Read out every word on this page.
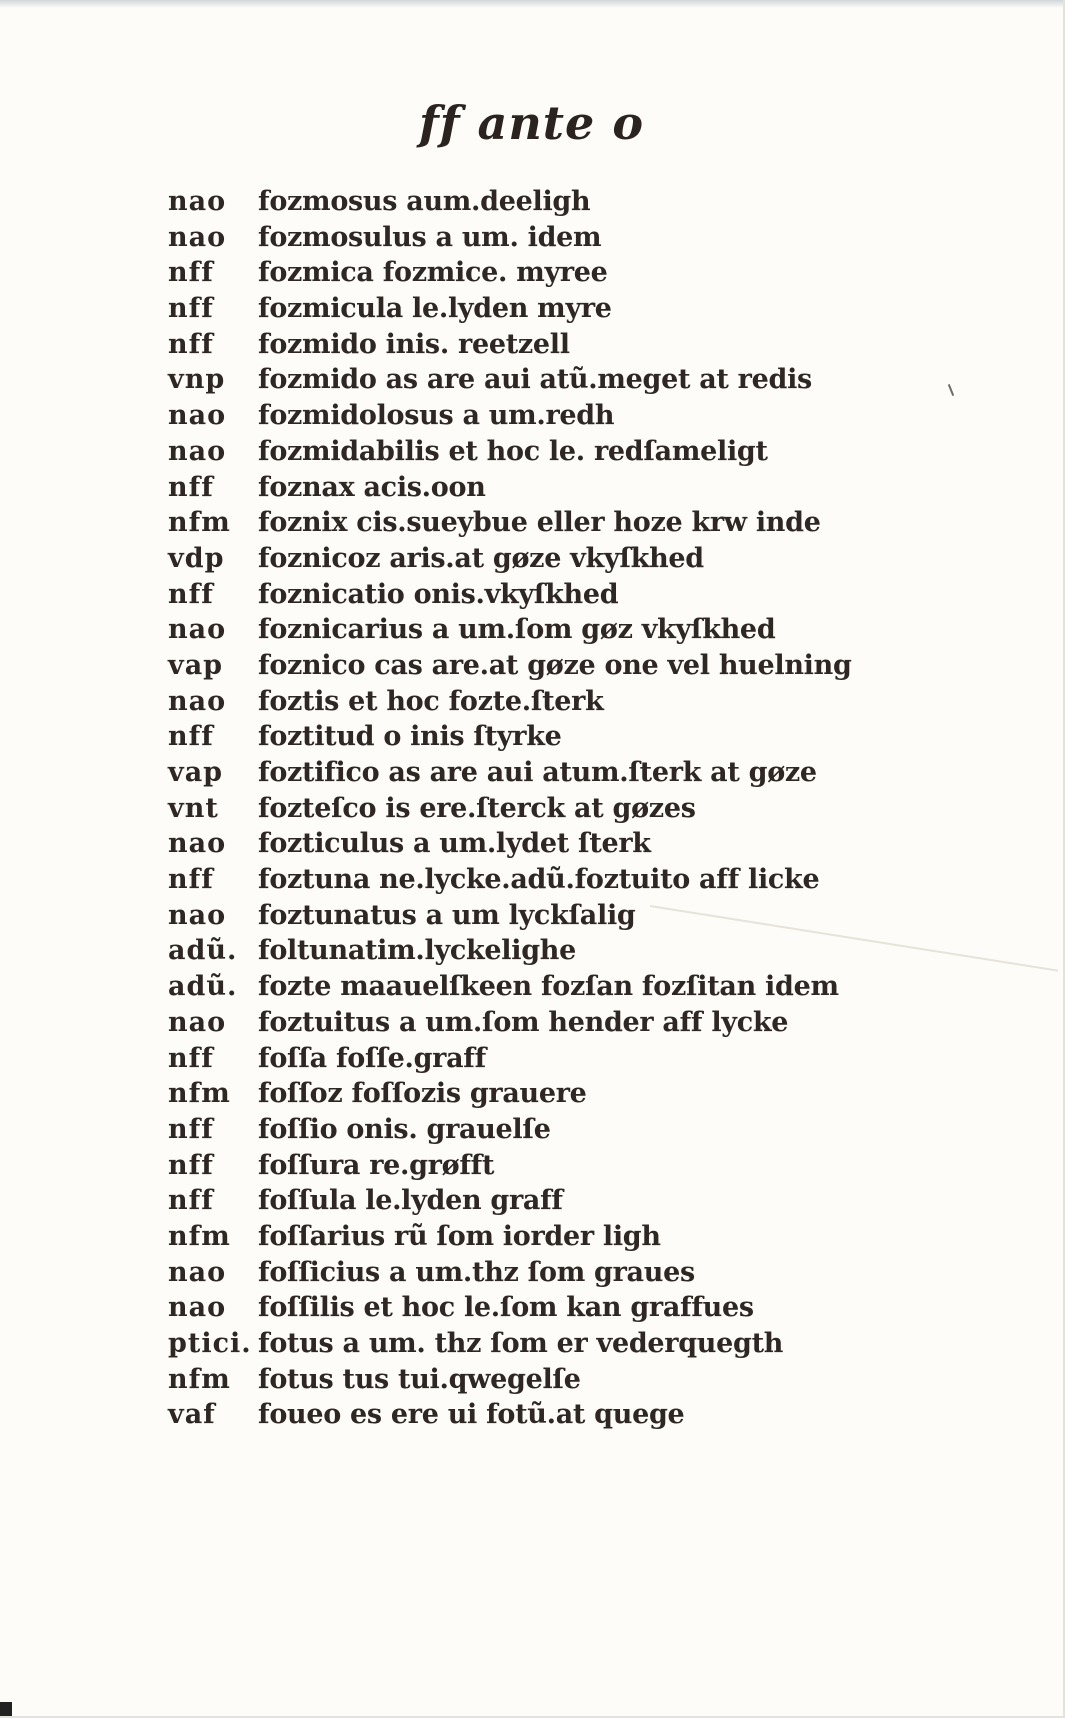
ff ante o
nao	fozmosus aum.deeligh
nao	fozmosulus a um. idem
nff	fozmica fozmice. myree
nff	fozmicula le.lyden myre
nff	fozmido inis. reetzell
vnp	fozmido as are aui atũ.meget at redis
nao	fozmidolosus a um.redh
nao	fozmidabilis et hoc le. redſameligt
nff	foznax acis.oon
nfm	foznix cis.sueybue eller hoze krw inde
vdp	foznicoz aris.at gøze vkyſkhed
nff	foznicatio onis.vkyſkhed
nao	foznicarius a um.ſom gøz vkyſkhed
vap	foznico cas are.at gøze one vel huelning
nao	foztis et hoc fozte.ſterk
nff	foztitud o inis ſtyrke
vap	foztifico as are aui atum.ſterk at gøze
vnt	fozteſco is ere.ſterck at gøzes
nao	fozticulus a um.lydet ſterk
nff	foztuna ne.lycke.adũ.foztuito aff licke
nao	foztunatus a um lyckſalig
adũ. foltunatim.lyckelighe
adũ. fozte maauelſkeen fozſan fozſitan idem
nao	foztuitus a um.ſom hender aff lycke
nff	foſſa foſſe.graff
nfm	foſſoz foſſozis grauere
nff	foſſio onis. grauelſe
nff	foſſura re.grøfft
nff	foſſula le.lyden graff
nfm	foſſarius rũ ſom iorder ligh
nao	foſſicius a um.thz ſom graues
nao	foſſilis et hoc le.ſom kan graffues
ptici. fotus a um. thz ſom er vederquegth
nfm	fotus tus tui.qwegelſe
vaf	foueo es ere ui fotũ.at quege
